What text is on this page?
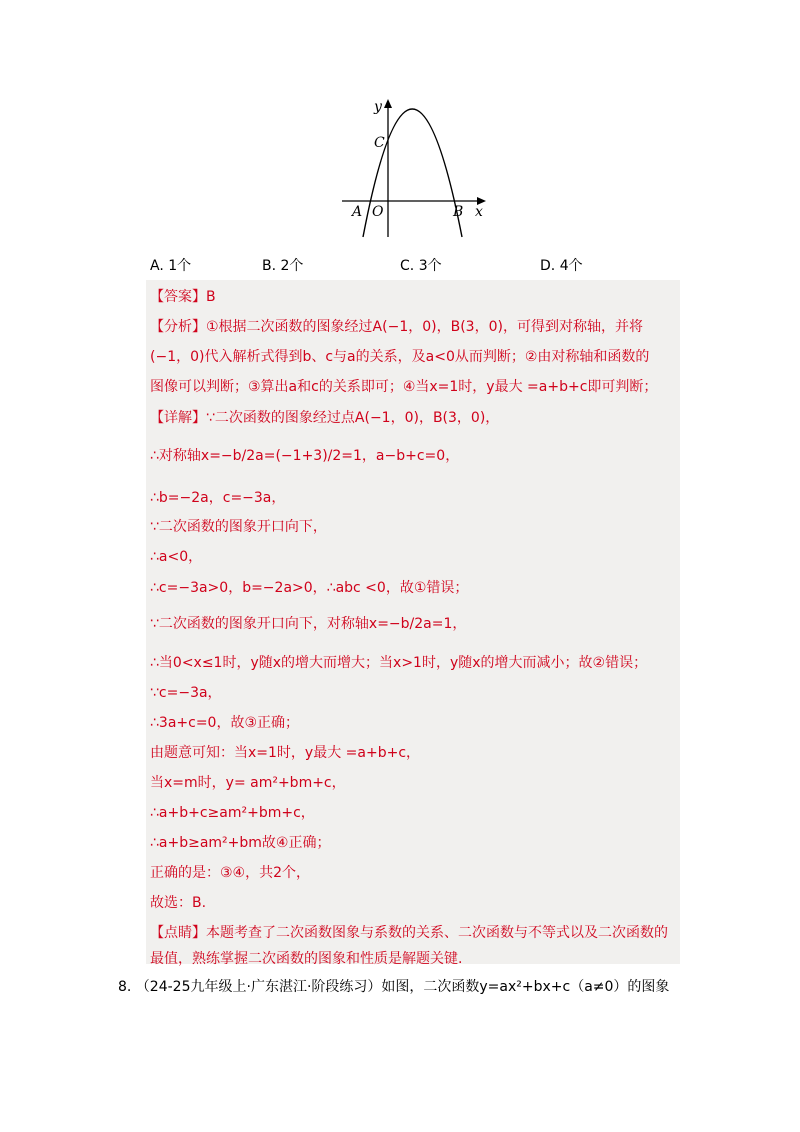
y
x
C
A O	B
A. 1个	B. 2个	C. 3个	D. 4个
【答案】B
【分析】①根据二次函数的图象经过A(−1，0)，B(3，0)，可得到对称轴，并将
(−1，0)代入解析式得到b、c与a的关系，及a<0从而判断；②由对称轴和函数的
图像可以判断；③算出a和c的关系即可；④当x=1时，y最大 =a+b+c即可判断；
【详解】∵二次函数的图象经过点A(−1，0)，B(3，0)，
∴对称轴x=−b/2a=(−1+3)/2=1，a−b+c=0，
∴b=−2a，c=−3a，
∵二次函数的图象开口向下，
∴a<0，
∴c=−3a>0，b=−2a>0，∴abc <0，故①错误；
∵二次函数的图象开口向下，对称轴x=−b/2a=1，
∴当0<x≤1时，y随x的增大而增大；当x>1时，y随x的增大而减小；故②错误；
∵c=−3a，
∴3a+c=0，故③正确；
由题意可知：当x=1时，y最大 =a+b+c，
当x=m时，y= am²+bm+c，
∴a+b+c≥am²+bm+c，
∴a+b≥am²+bm故④正确；
正确的是：③④，共2个，
故选：B.
【点睛】本题考查了二次函数图象与系数的关系、二次函数与不等式以及二次函数的
最值，熟练掌握二次函数的图象和性质是解题关键.
8. （24-25九年级上·广东湛江·阶段练习）如图，二次函数y=ax²+bx+c（a≠0）的图象
